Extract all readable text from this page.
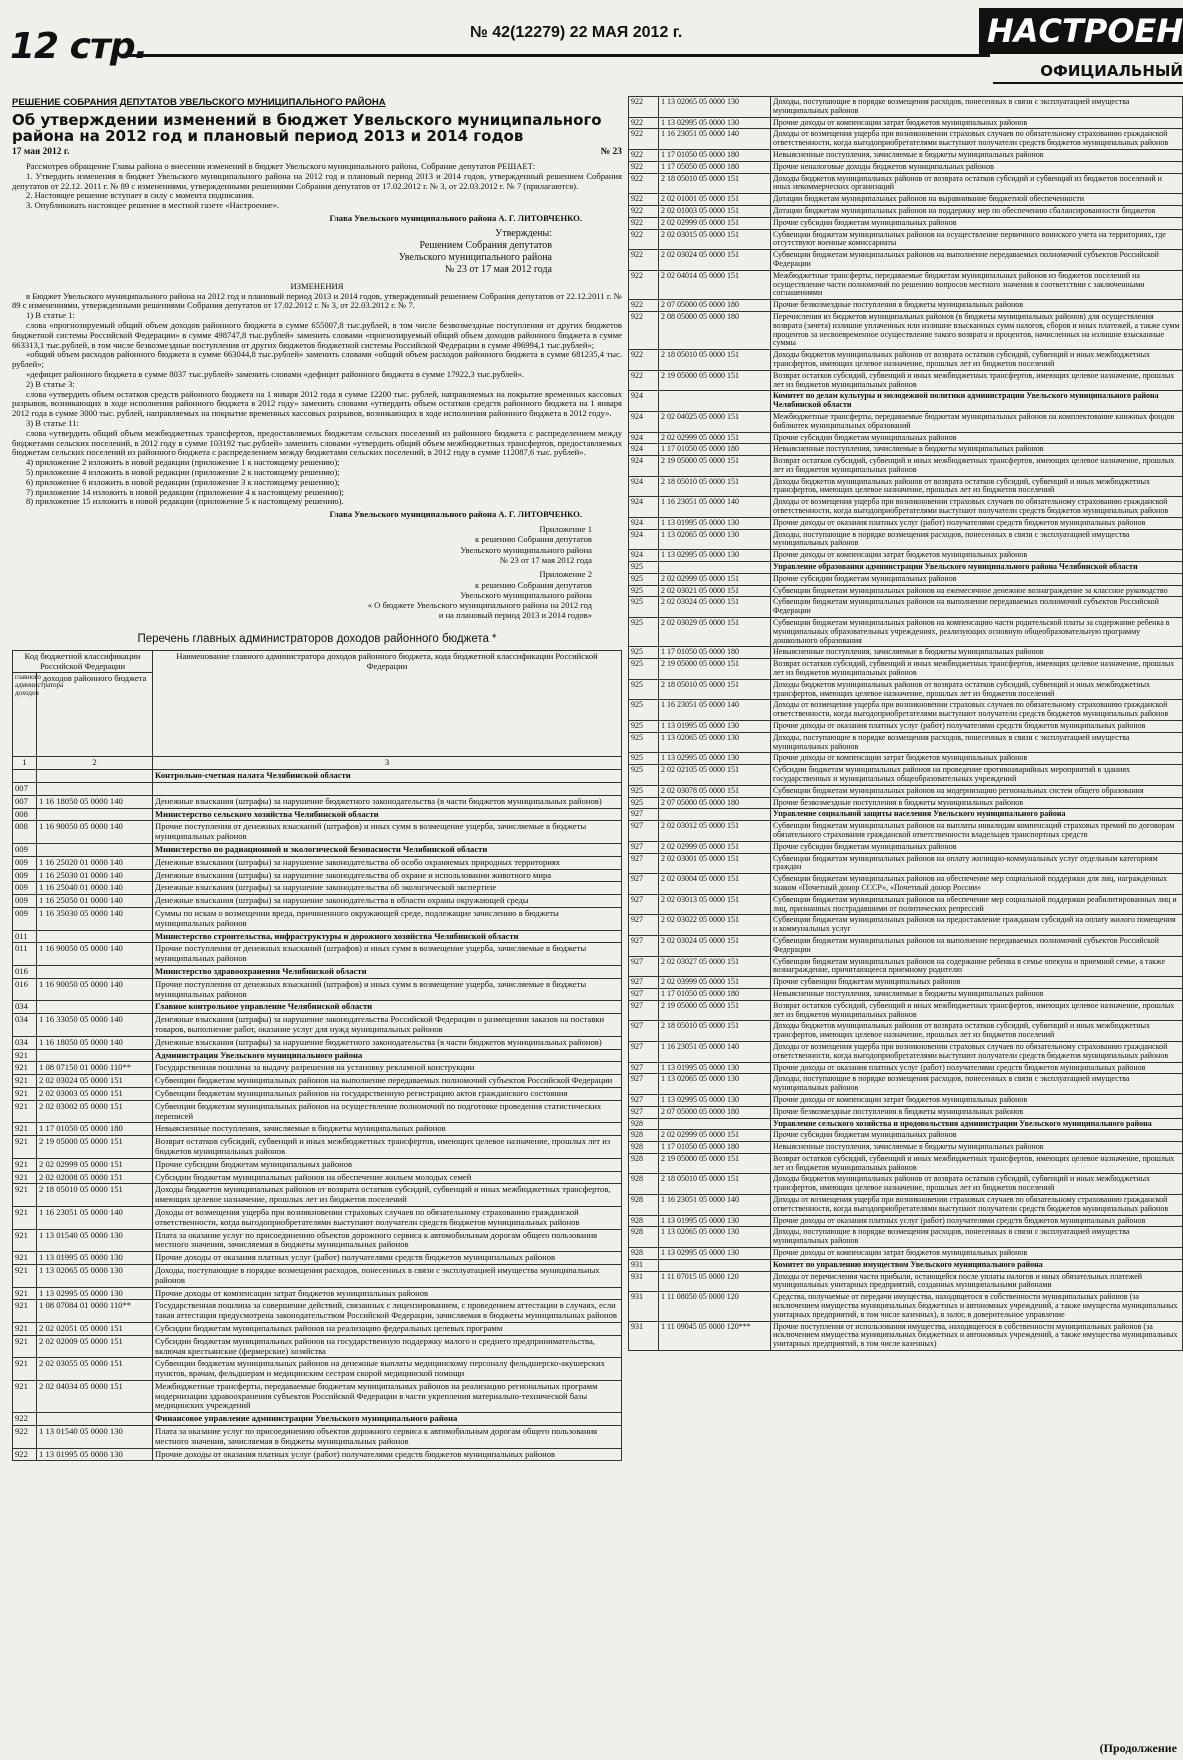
12 стр.	№ 42(12279) 22 МАЯ 2012 г.	НАСТРОЕН
ОФИЦИАЛЬНЫЙ
РЕШЕНИЕ СОБРАНИЯ ДЕПУТАТОВ УВЕЛЬСКОГО МУНИЦИПАЛЬНОГО РАЙОНА
Об утверждении изменений в бюджет Увельского муниципального района на 2012 год и плановый период 2013 и 2014 годов
17 мая 2012 г.	№ 23

Рассмотрев обращение Главы района о внесении изменений в бюджет Увельского муниципального района, Собрание депутатов РЕШАЕТ:

1. Утвердить изменения в бюджет Увельского муниципального района на 2012 год и плановый период 2013 и 2014 годов, утвержденный решением Собрания депутатов от 22.12. 2011 г. № 89 с изменениями, утвержденными решениями Собрания депутатов от 17.02.2012 г. № 3, от 22.03.2012 г. № 7 (прилагаются).

2. Настоящее решение вступает в силу с момента подписания.

3. Опубликовать настоящее решение в местной газете «Настроение».

Глава Увельского муниципального района А. Г. ЛИТОВЧЕНКО.

Утверждены:

Решением Собрания депутатов

Увельского муниципального района

№ 23 от 17 мая 2012 года

ИЗМЕНЕНИЯ

в Бюджет Увельского муниципального района на 2012 год и плановый период 2013 и 2014 годов, утвержденный решением Собрания депутатов от 22.12.2011 г. № 89 с изменениями, утвержденными решениями Собрания депутатов от 17.02.2012 г. № 3, от 22.03.2012 г. № 7.

1) В статье 1:

слова «прогнозируемый общий объем доходов районного бюджета в сумме 655007,8 тыс.рублей, в том числе безвозмездные поступления от других бюджетов бюджетной системы Российской Федерации» в сумме 498747,8 тыс.рублей» заменить словами «прогнозируемый общий объем доходов районного бюджета в сумме 663313,1 тыс.рублей, в том числе безвозмездные поступления от других бюджетов бюджетной системы Российской Федерации в сумме 496994,1 тыс.рублей»;

«общий объем расходов районного бюджета в сумме 663044,8 тыс.рублей» заменить словами «общий объем расходов районного бюджета в сумме 681235,4 тыс. рублей»;

«дефицит районного бюджета в сумме 8037 тыс.рублей» заменить словами «дефицит районного бюджета в сумме 17922,3 тыс.рублей».

2) В статье 3:

слова «утвердить объем остатков средств районного бюджета на 1 января 2012 года в сумме 12200 тыс. рублей, направляемых на покрытие временных кассовых разрывов, возникающих в ходе исполнения районного бюджета в 2012 году» заменить словами «утвердить объем остатков средств районного бюджета на 1 января 2012 года в сумме 3000 тыс. рублей, направляемых на покрытие временных кассовых разрывов, возникающих в ходе исполнения районного бюджета в 2012 году».

3) В статье 11:

слова «утвердить общий объем межбюджетных трансфертов, предоставляемых бюджетам сельских поселений из районного бюджета с распределением между бюджетами сельских поселений, в 2012 году в сумме 103192 тыс.рублей» заменить словами «утвердить общий объем межбюджетных трансфертов, предоставляемых бюджетам сельских поселений из районного бюджета с распределением между бюджетами сельских поселений, в 2012 году в сумме 112087,6 тыс. рублей».

4) приложение 2 изложить в новой редакции (приложение 1 к настоящему решению);

5) приложение 4 изложить в новой редакции (приложение 2 к настоящему решению);

6) приложение 6 изложить в новой редакции (приложение 3 к настоящему решению);

7) приложение 14 изложить в новой редакции (приложение 4 к настоящему решению);

8) приложение 15 изложить в новой редакции (приложение 5 к настоящему решению).

Глава Увельского муниципального района А. Г. ЛИТОВЧЕНКО.

Приложение 1

к решению Собрания депутатов

Увельского муниципального района

№ 23 от 17 мая 2012 года

Приложение 2

к решению Собрания депутатов

Увельского муниципального района

« О бюджете Увельского муниципального района на 2012 год

и на плановый период 2013 и 2014 годов»

Перечень главных администраторов доходов районного бюджета *
Код бюджетной классификации Российской Федерации		Наименование главного администратора доходов районного бюджета, кода бюджетной классификации Российской Федерации
главного администратора доходов	доходов районного бюджета	
1	2	3
		Контрольно-счетная палата Челябинской области
007		
007	1 16 18050 05 0000 140	Денежные взыскания (штрафы) за нарушение бюджетного законодательства (в части бюджетов муниципальных районов)
008		Министерство сельского хозяйства Челябинской области
008	1 16 90050 05 0000 140	Прочие поступления от денежных взысканий (штрафов) и иных сумм в возмещение ущерба, зачисляемые в бюджеты муниципальных районов
009		Министерство по радиационной и экологической безопасности Челябинской области
009	1 16 25020 01 0000 140	Денежные взыскания (штрафы) за нарушение законодательства об особо охраняемых природных территориях
009	1 16 25030 01 0000 140	Денежные взыскания (штрафы) за нарушение законодательства об охране и использовании животного мира
009	1 16 25040 01 0000 140	Денежные взыскания (штрафы) за нарушение законодательства об экологической экспертизе
009	1 16 25050 01 0000 140	Денежные взыскания (штрафы) за нарушение законодательства в области охраны окружающей среды
009	1 16 35030 05 0000 140	Суммы по искам о возмещении вреда, причиненного окружающей среде, подлежащие зачислению в бюджеты муниципальных районов
011		Министерство строительства, инфраструктуры и дорожного хозяйства Челябинской области
011	1 16 90050 05 0000 140	Прочие поступления от денежных взысканий (штрафов) и иных сумм в возмещение ущерба, зачисляемые в бюджеты муниципальных районов
016		Министерство здравоохранения Челябинской области
016	1 16 90050 05 0000 140	Прочие поступления от денежных взысканий (штрафов) и иных сумм в возмещение ущерба, зачисляемые в бюджеты муниципальных районов
034		Главное контрольное управление Челябинской области
034	1 16 33050 05 0000 140	Денежные взыскания (штрафы) за нарушение законодательства Российской Федерации о размещении заказов на поставки товаров, выполнение работ, оказание услуг для нужд муниципальных районов
034	1 16 18050 05 0000 140	Денежные взыскания (штрафы) за нарушение бюджетного законодательства (в части бюджетов муниципальных районов)
921		Администрация Увельского муниципального района
921	1 08 07150 01 0000 110**	Государственная пошлина за выдачу разрешения на установку рекламной конструкции
921	2 02 03024 05 0000 151	Субвенции бюджетам муниципальных районов на выполнение передаваемых полномочий субъектов Российской Федерации
921	2 02 03003 05 0000 151	Субвенции бюджетам муниципальных районов на государственную регистрацию актов гражданского состояния
921	2 02 03002 05 0000 151	Субвенции бюджетам муниципальных районов на осуществление полномочий по подготовке проведения статистических переписей
921	1 17 01050 05 0000 180	Невыясненные поступления, зачисляемые в бюджеты муниципальных районов
921	2 19 05000 05 0000 151	Возврат остатков субсидий, субвенций и иных межбюджетных трансфертов, имеющих целевое назначение, прошлых лет из бюджетов муниципальных районов
921	2 02 02999 05 0000 151	Прочие субсидии бюджетам муниципальных районов
921	2 02 02008 05 0000 151	Субсидии бюджетам муниципальных районов на обеспечение жильем молодых семей
921	2 18 05010 05 0000 151	Доходы бюджетов муниципальных районов от возврата остатков субсидий, субвенций и иных межбюджетных трансфертов, имеющих целевое назначение, прошлых лет из бюджетов поселений
921	1 16 23051 05 0000 140	Доходы от возмещения ущерба при возникновении страховых случаев по обязательному страхованию гражданской ответственности, когда выгодоприобретателями выступают получатели средств бюджетов муниципальных районов
921	1 13 01540 05 0000 130	Плата за оказание услуг по присоединению объектов дорожного сервиса к автомобильным дорогам общего пользования местного значения, зачисляемая в бюджеты муниципальных районов
921	1 13 01995 05 0000 130	Прочие доходы от оказания платных услуг (работ) получателями средств бюджетов муниципальных районов
921	1 13 02065 05 0000 130	Доходы, поступающие в порядке возмещения расходов, понесенных в связи с эксплуатацией имущества муниципальных районов
921	1 13 02995 05 0000 130	Прочие доходы от компенсации затрат бюджетов муниципальных районов
921	1 08 07084 01 0000 110**	Государственная пошлина за совершение действий, связанных с лицензированием, с проведением аттестации в случаях, если такая аттестация предусмотрена законодательством Российской Федерации, зачисляемая в бюджеты муниципальных районов
921	2 02 02051 05 0000 151	Субсидии бюджетам муниципальных районов на реализацию федеральных целевых программ
921	2 02 02009 05 0000 151	Субсидии бюджетам муниципальных районов на государственную поддержку малого и среднего предпринимательства, включая крестьянские (фермерские) хозяйства
921	2 02 03055 05 0000 151	Субвенции бюджетам муниципальных районов на денежные выплаты медицинскому персоналу фельдшерско-акушерских пунктов, врачам, фельдшерам и медицинским сестрам скорой медицинской помощи
921	2 02 04034 05 0000 151	Межбюджетные трансферты, передаваемые бюджетам муниципальных районов на реализацию региональных программ модернизации здравоохранения субъектов Российской Федерации в части укрепления материально-технической базы медицинских учреждений
922		Финансовое управление администрации Увельского муниципального района
922	1 13 01540 05 0000 130	Плата за оказание услуг по присоединению объектов дорожного сервиса к автомобильным дорогам общего пользования местного значения, зачисляемая в бюджеты муниципальных районов
922	1 13 01995 05 0000 130	Прочие доходы от оказания платных услуг (работ) получателями средств бюджетов муниципальных районов
922	1 13 02065 05 0000 130	Доходы, поступающие в порядке возмещения расходов, понесенных в связи с эксплуатацией имущества муниципальных районов
922	1 13 02995 05 0000 130	Прочие доходы от компенсации затрат бюджетов муниципальных районов
922	1 16 23051 05 0000 140	Доходы от возмещения ущерба при возникновении страховых случаев по обязательному страхованию гражданской ответственности, когда выгодоприобретателями выступают получатели средств бюджетов муниципальных районов
922	1 17 01050 05 0000 180	Невыясненные поступления, зачисляемые в бюджеты муниципальных районов
922	1 17 05050 05 0000 180	Прочие неналоговые доходы бюджетов муниципальных районов
922	2 18 05010 05 0000 151	Доходы бюджетов муниципальных районов от возврата остатков субсидий и субвенций из бюджетов поселений и иных некоммерческих организаций
922	2 02 01001 05 0000 151	Дотации бюджетам муниципальных районов на выравнивание бюджетной обеспеченности
922	2 02 01003 05 0000 151	Дотации бюджетам муниципальных районов на поддержку мер по обеспечению сбалансированности бюджетов
922	2 02 02999 05 0000 151	Прочие субсидии бюджетам муниципальных районов
922	2 02 03015 05 0000 151	Субвенции бюджетам муниципальных районов на осуществление первичного воинского учета на территориях, где отсутствуют военные комиссариаты
922	2 02 03024 05 0000 151	Субвенции бюджетам муниципальных районов на выполнение передаваемых полномочий субъектов Российской Федерации
922	2 02 04014 05 0000 151	Межбюджетные трансферты, передаваемые бюджетам муниципальных районов из бюджетов поселений на осуществление части полномочий по решению вопросов местного значения в соответствии с заключенными соглашениями
922	2 07 05000 05 0000 180	Прочие безвозмездные поступления в бюджеты муниципальных районов
922	2 08 05000 05 0000 180	Перечисления из бюджетов муниципальных районов (в бюджеты муниципальных районов) для осуществления возврата (зачета) излишне уплаченных или излишне взысканных сумм налогов, сборов и иных платежей, а также сумм процентов за несвоевременное осуществление такого возврата и процентов, начисленных на излишне взысканные суммы
922	2 18 05010 05 0000 151	Доходы бюджетов муниципальных районов от возврата остатков субсидий, субвенций и иных межбюджетных трансфертов, имеющих целевое назначение, прошлых лет из бюджетов поселений
922	2 19 05000 05 0000 151	Возврат остатков субсидий, субвенций и иных межбюджетных трансфертов, имеющих целевое назначение, прошлых лет из бюджетов муниципальных районов
924		Комитет по делам культуры и молодежной политики администрации Увельского муниципального района Челябинской области
924	2 02 04025 05 0000 151	Межбюджетные трансферты, передаваемые бюджетам муниципальных районов на комплектование книжных фондов библиотек муниципальных образований
924	2 02 02999 05 0000 151	Прочие субсидии бюджетам муниципальных районов
924	1 17 01050 05 0000 180	Невыясненные поступления, зачисляемые в бюджеты муниципальных районов
924	2 19 05000 05 0000 151	Возврат остатков субсидий, субвенций и иных межбюджетных трансфертов, имеющих целевое назначение, прошлых лет из бюджетов муниципальных районов
924	2 18 05010 05 0000 151	Доходы бюджетов муниципальных районов от возврата остатков субсидий, субвенций и иных межбюджетных трансфертов, имеющих целевое назначение, прошлых лет из бюджетов поселений
924	1 16 23051 05 0000 140	Доходы от возмещения ущерба при возникновении страховых случаев по обязательному страхованию гражданской ответственности, когда выгодоприобретателями выступают получатели средств бюджетов муниципальных районов
924	1 13 01995 05 0000 130	Прочие доходы от оказания платных услуг (работ) получателями средств бюджетов муниципальных районов
924	1 13 02065 05 0000 130	Доходы, поступающие в порядке возмещения расходов, понесенных в связи с эксплуатацией имущества муниципальных районов
924	1 13 02995 05 0000 130	Прочие доходы от компенсации затрат бюджетов муниципальных районов
925		Управление образования администрации Увельского муниципального района Челябинской области
925	2 02 02999 05 0000 151	Прочие субсидии бюджетам муниципальных районов
925	2 02 03021 05 0000 151	Субвенции бюджетам муниципальных районов на ежемесячное денежное вознаграждение за классное руководство
925	2 02 03024 05 0000 151	Субвенции бюджетам муниципальных районов на выполнение передаваемых полномочий субъектов Российской Федерации
925	2 02 03029 05 0000 151	Субвенции бюджетам муниципальных районов на компенсацию части родительской платы за содержание ребенка в муниципальных образовательных учреждениях, реализующих основную общеобразовательную программу дошкольного образования
925	1 17 01050 05 0000 180	Невыясненные поступления, зачисляемые в бюджеты муниципальных районов
925	2 19 05000 05 0000 151	Возврат остатков субсидий, субвенций и иных межбюджетных трансфертов, имеющих целевое назначение, прошлых лет из бюджетов муниципальных районов
925	2 18 05010 05 0000 151	Доходы бюджетов муниципальных районов от возврата остатков субсидий, субвенций и иных межбюджетных трансфертов, имеющих целевое назначение, прошлых лет из бюджетов поселений
925	1 16 23051 05 0000 140	Доходы от возмещения ущерба при возникновении страховых случаев по обязательному страхованию гражданской ответственности, когда выгодоприобретателями выступают получатели средств бюджетов муниципальных районов
925	1 13 01995 05 0000 130	Прочие доходы от оказания платных услуг (работ) получателями средств бюджетов муниципальных районов
925	1 13 02065 05 0000 130	Доходы, поступающие в порядке возмещения расходов, понесенных в связи с эксплуатацией имущества муниципальных районов
925	1 13 02995 05 0000 130	Прочие доходы от компенсации затрат бюджетов муниципальных районов
925	2 02 02105 05 0000 151	Субсидии бюджетам муниципальных районов на проведение противоаварийных мероприятий в зданиях государственных и муниципальных общеобразовательных учреждений
925	2 02 03078 05 0000 151	Субвенции бюджетам муниципальных районов на модернизацию региональных систем общего образования
925	2 07 05000 05 0000 180	Прочие безвозмездные поступления в бюджеты муниципальных районов
927		Управление социальной защиты населения Увельского муниципального района
927	2 02 03012 05 0000 151	Субвенции бюджетам муниципальных районов на выплаты инвалидам компенсаций страховых премий по договорам обязательного страхования гражданской ответственности владельцев транспортных средств
927	2 02 02999 05 0000 151	Прочие субсидии бюджетам муниципальных районов
927	2 02 03001 05 0000 151	Субвенции бюджетам муниципальных районов на оплату жилищно-коммунальных услуг отдельным категориям граждан
927	2 02 03004 05 0000 151	Субвенции бюджетам муниципальных районов на обеспечение мер социальной поддержки для лиц, награжденных знаком «Почетный донор СССР», «Почетный донор России»
927	2 02 03013 05 0000 151	Субвенции бюджетам муниципальных районов на обеспечение мер социальной поддержки реабилитированных лиц и лиц, признанных пострадавшими от политических репрессий
927	2 02 03022 05 0000 151	Субвенции бюджетам муниципальных районов на предоставление гражданам субсидий на оплату жилого помещения и коммунальных услуг
927	2 02 03024 05 0000 151	Субвенции бюджетам муниципальных районов на выполнение передаваемых полномочий субъектов Российской Федерации
927	2 02 03027 05 0000 151	Субвенции бюджетам муниципальных районов на содержание ребенка в семье опекуна и приемной семье, а также вознаграждение, причитающееся приемному родителю
927	2 02 03999 05 0000 151	Прочие субвенции бюджетам муниципальных районов
927	1 17 01050 05 0000 180	Невыясненные поступления, зачисляемые в бюджеты муниципальных районов
927	2 19 05000 05 0000 151	Возврат остатков субсидий, субвенций и иных межбюджетных трансфертов, имеющих целевое назначение, прошлых лет из бюджетов муниципальных районов
927	2 18 05010 05 0000 151	Доходы бюджетов муниципальных районов от возврата остатков субсидий, субвенций и иных межбюджетных трансфертов, имеющих целевое назначение, прошлых лет из бюджетов поселений
927	1 16 23051 05 0000 140	Доходы от возмещения ущерба при возникновении страховых случаев по обязательному страхованию гражданской ответственности, когда выгодоприобретателями выступают получатели средств бюджетов муниципальных районов
927	1 13 01995 05 0000 130	Прочие доходы от оказания платных услуг (работ) получателями средств бюджетов муниципальных районов
927	1 13 02065 05 0000 130	Доходы, поступающие в порядке возмещения расходов, понесенных в связи с эксплуатацией имущества муниципальных районов
927	1 13 02995 05 0000 130	Прочие доходы от компенсации затрат бюджетов муниципальных районов
927	2 07 05000 05 0000 180	Прочие безвозмездные поступления в бюджеты муниципальных районов
928		Управление сельского хозяйства и продовольствия администрации Увельского муниципального района
928	2 02 02999 05 0000 151	Прочие субсидии бюджетам муниципальных районов
928	1 17 01050 05 0000 180	Невыясненные поступления, зачисляемые в бюджеты муниципальных районов
928	2 19 05000 05 0000 151	Возврат остатков субсидий, субвенций и иных межбюджетных трансфертов, имеющих целевое назначение, прошлых лет из бюджетов муниципальных районов
928	2 18 05010 05 0000 151	Доходы бюджетов муниципальных районов от возврата остатков субсидий, субвенций и иных межбюджетных трансфертов, имеющих целевое назначение, прошлых лет из бюджетов поселений
928	1 16 23051 05 0000 140	Доходы от возмещения ущерба при возникновении страховых случаев по обязательному страхованию гражданской ответственности, когда выгодоприобретателями выступают получатели средств бюджетов муниципальных районов
928	1 13 01995 05 0000 130	Прочие доходы от оказания платных услуг (работ) получателями средств бюджетов муниципальных районов
928	1 13 02065 05 0000 130	Доходы, поступающие в порядке возмещения расходов, понесенных в связи с эксплуатацией имущества муниципальных районов
928	1 13 02995 05 0000 130	Прочие доходы от компенсации затрат бюджетов муниципальных районов
931		Комитет по управлению имуществом Увельского муниципального района
931	1 11 07015 05 0000 120	Доходы от перечисления части прибыли, остающейся после уплаты налогов и иных обязательных платежей муниципальных унитарных предприятий, созданных муниципальными районами
931	1 11 08050 05 0000 120	Средства, получаемые от передачи имущества, находящегося в собственности муниципальных районов (за исключением имущества муниципальных бюджетных и автономных учреждений, а также имущества муниципальных унитарных предприятий, в том числе казенных), в залог, в доверительное управление
931	1 11 09045 05 0000 120***	Прочие поступления от использования имущества, находящегося в собственности муниципальных районов (за исключением имущества муниципальных бюджетных и автономных учреждений, а также имущества муниципальных унитарных предприятий, в том числе казенных)
(Продолжение
